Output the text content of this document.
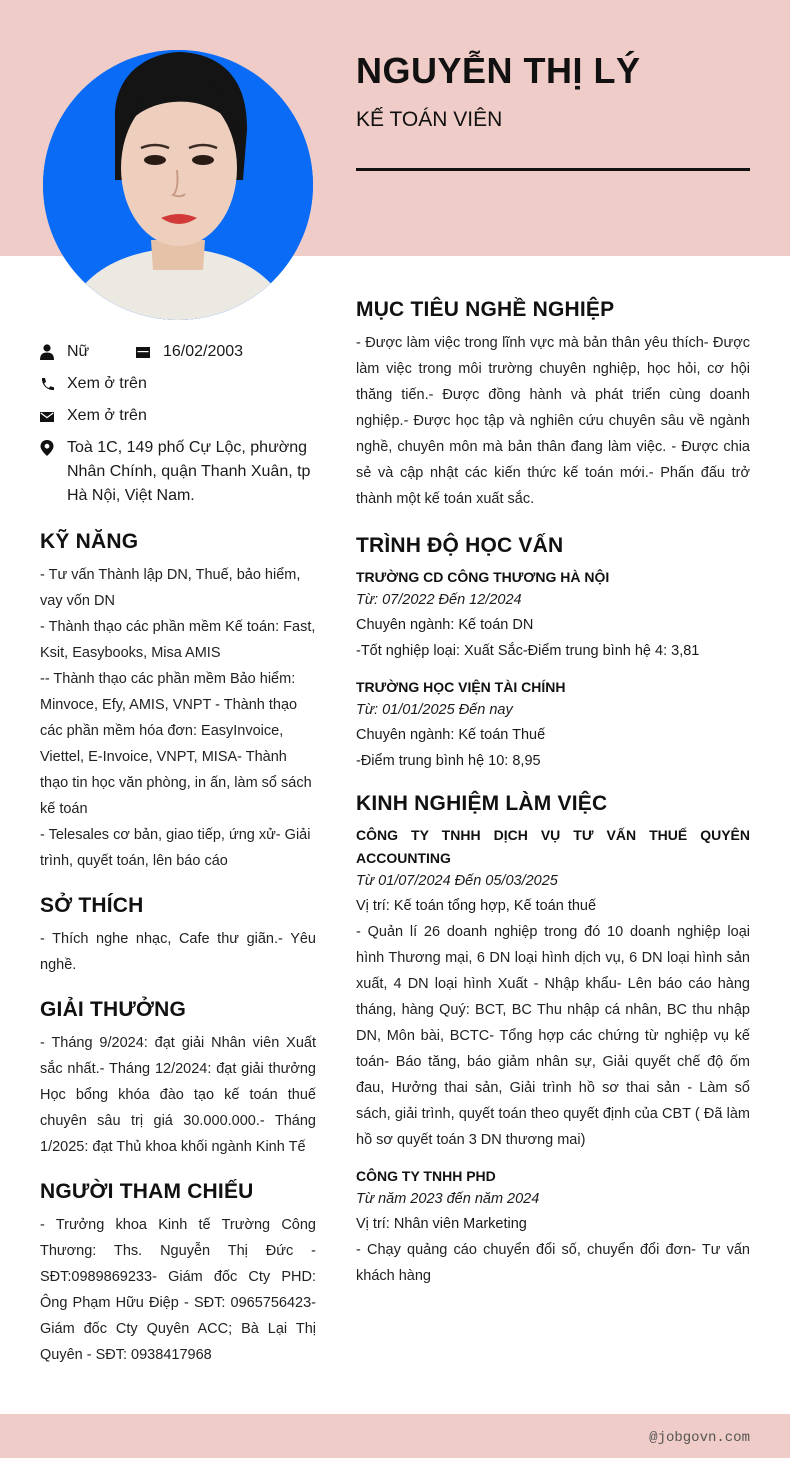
NGUYỄN THỊ LÝ
KẾ TOÁN VIÊN
Nữ	16/02/2003
Xem ở trên
Xem ở trên
Toà 1C, 149 phố Cự Lộc, phường Nhân Chính, quận Thanh Xuân, tp Hà Nội, Việt Nam.
KỸ NĂNG
- Tư vấn Thành lập DN, Thuế, bảo hiểm, vay vốn DN
- Thành thạo các phần mềm Kế toán: Fast, Ksit, Easybooks, Misa AMIS
-- Thành thạo các phần mềm Bảo hiểm: Minvoce, Efy, AMIS, VNPT - Thành thạo các phần mềm hóa đơn: EasyInvoice, Viettel, E-Invoice, VNPT, MISA- Thành thạo tin học văn phòng, in ấn, làm sổ sách kế toán
- Telesales cơ bản, giao tiếp, ứng xử- Giải trình, quyết toán, lên báo cáo
SỞ THÍCH
- Thích nghe nhạc, Cafe thư giãn.- Yêu nghề.
GIẢI THƯỞNG
- Tháng 9/2024: đạt giải Nhân viên Xuất sắc nhất.- Tháng 12/2024: đạt giải thưởng Học bổng khóa đào tạo kế toán thuế chuyên sâu trị giá 30.000.000.- Tháng 1/2025: đạt Thủ khoa khối ngành Kinh Tế
NGƯỜI THAM CHIẾU
- Trưởng khoa Kinh tế Trường Công Thương: Ths. Nguyễn Thị Đức - SĐT:0989869233- Giám đốc Cty PHD: Ông Phạm Hữu Điệp - SĐT: 0965756423- Giám đốc Cty Quyên ACC; Bà Lại Thị Quyên - SĐT: 0938417968
MỤC TIÊU NGHỀ NGHIỆP
- Được làm việc trong lĩnh vực mà bản thân yêu thích- Được làm việc trong môi trường chuyên nghiệp, học hỏi, cơ hội thăng tiến.- Được đồng hành và phát triển cùng doanh nghiệp.- Được học tập và nghiên cứu chuyên sâu về ngành nghề, chuyên môn mà bản thân đang làm việc. - Được chia sẻ và cập nhật các kiến thức kế toán mới.- Phấn đấu trở thành một kế toán xuất sắc.
TRÌNH ĐỘ HỌC VẤN
TRƯỜNG CD CÔNG THƯƠNG HÀ NỘI
Từ: 07/2022 Đến 12/2024
Chuyên ngành: Kế toán DN
-Tốt nghiệp loại: Xuất Sắc-Điểm trung bình hệ 4: 3,81
TRƯỜNG HỌC VIỆN TÀI CHÍNH
Từ: 01/01/2025 Đến nay
Chuyên ngành: Kế toán Thuế
-Điểm trung bình hệ 10: 8,95
KINH NGHIỆM LÀM VIỆC
CÔNG TY TNHH DỊCH VỤ TƯ VẤN THUẾ QUYÊN ACCOUNTING
Từ 01/07/2024 Đến 05/03/2025
Vị trí: Kế toán tổng hợp, Kế toán thuế
- Quản lí 26 doanh nghiệp trong đó 10 doanh nghiệp loại hình Thương mại, 6 DN loại hình dịch vụ, 6 DN loại hình sản xuất, 4 DN loại hình Xuất - Nhập khẩu- Lên báo cáo hàng tháng, hàng Quý: BCT, BC Thu nhập cá nhân, BC thu nhập DN, Môn bài, BCTC- Tổng hợp các chứng từ nghiệp vụ kế toán- Báo tăng, báo giảm nhân sự, Giải quyết chế độ ốm đau, Hưởng thai sản, Giải trình hồ sơ thai sản - Làm sổ sách, giải trình, quyết toán theo quyết định của CBT ( Đã làm hồ sơ quyết toán 3 DN thương mai)
CÔNG TY TNHH PHD
Từ năm 2023 đến năm 2024
Vị trí: Nhân viên Marketing
- Chạy quảng cáo chuyển đổi số, chuyển đổi đơn- Tư vấn khách hàng
@jobgovn.com
